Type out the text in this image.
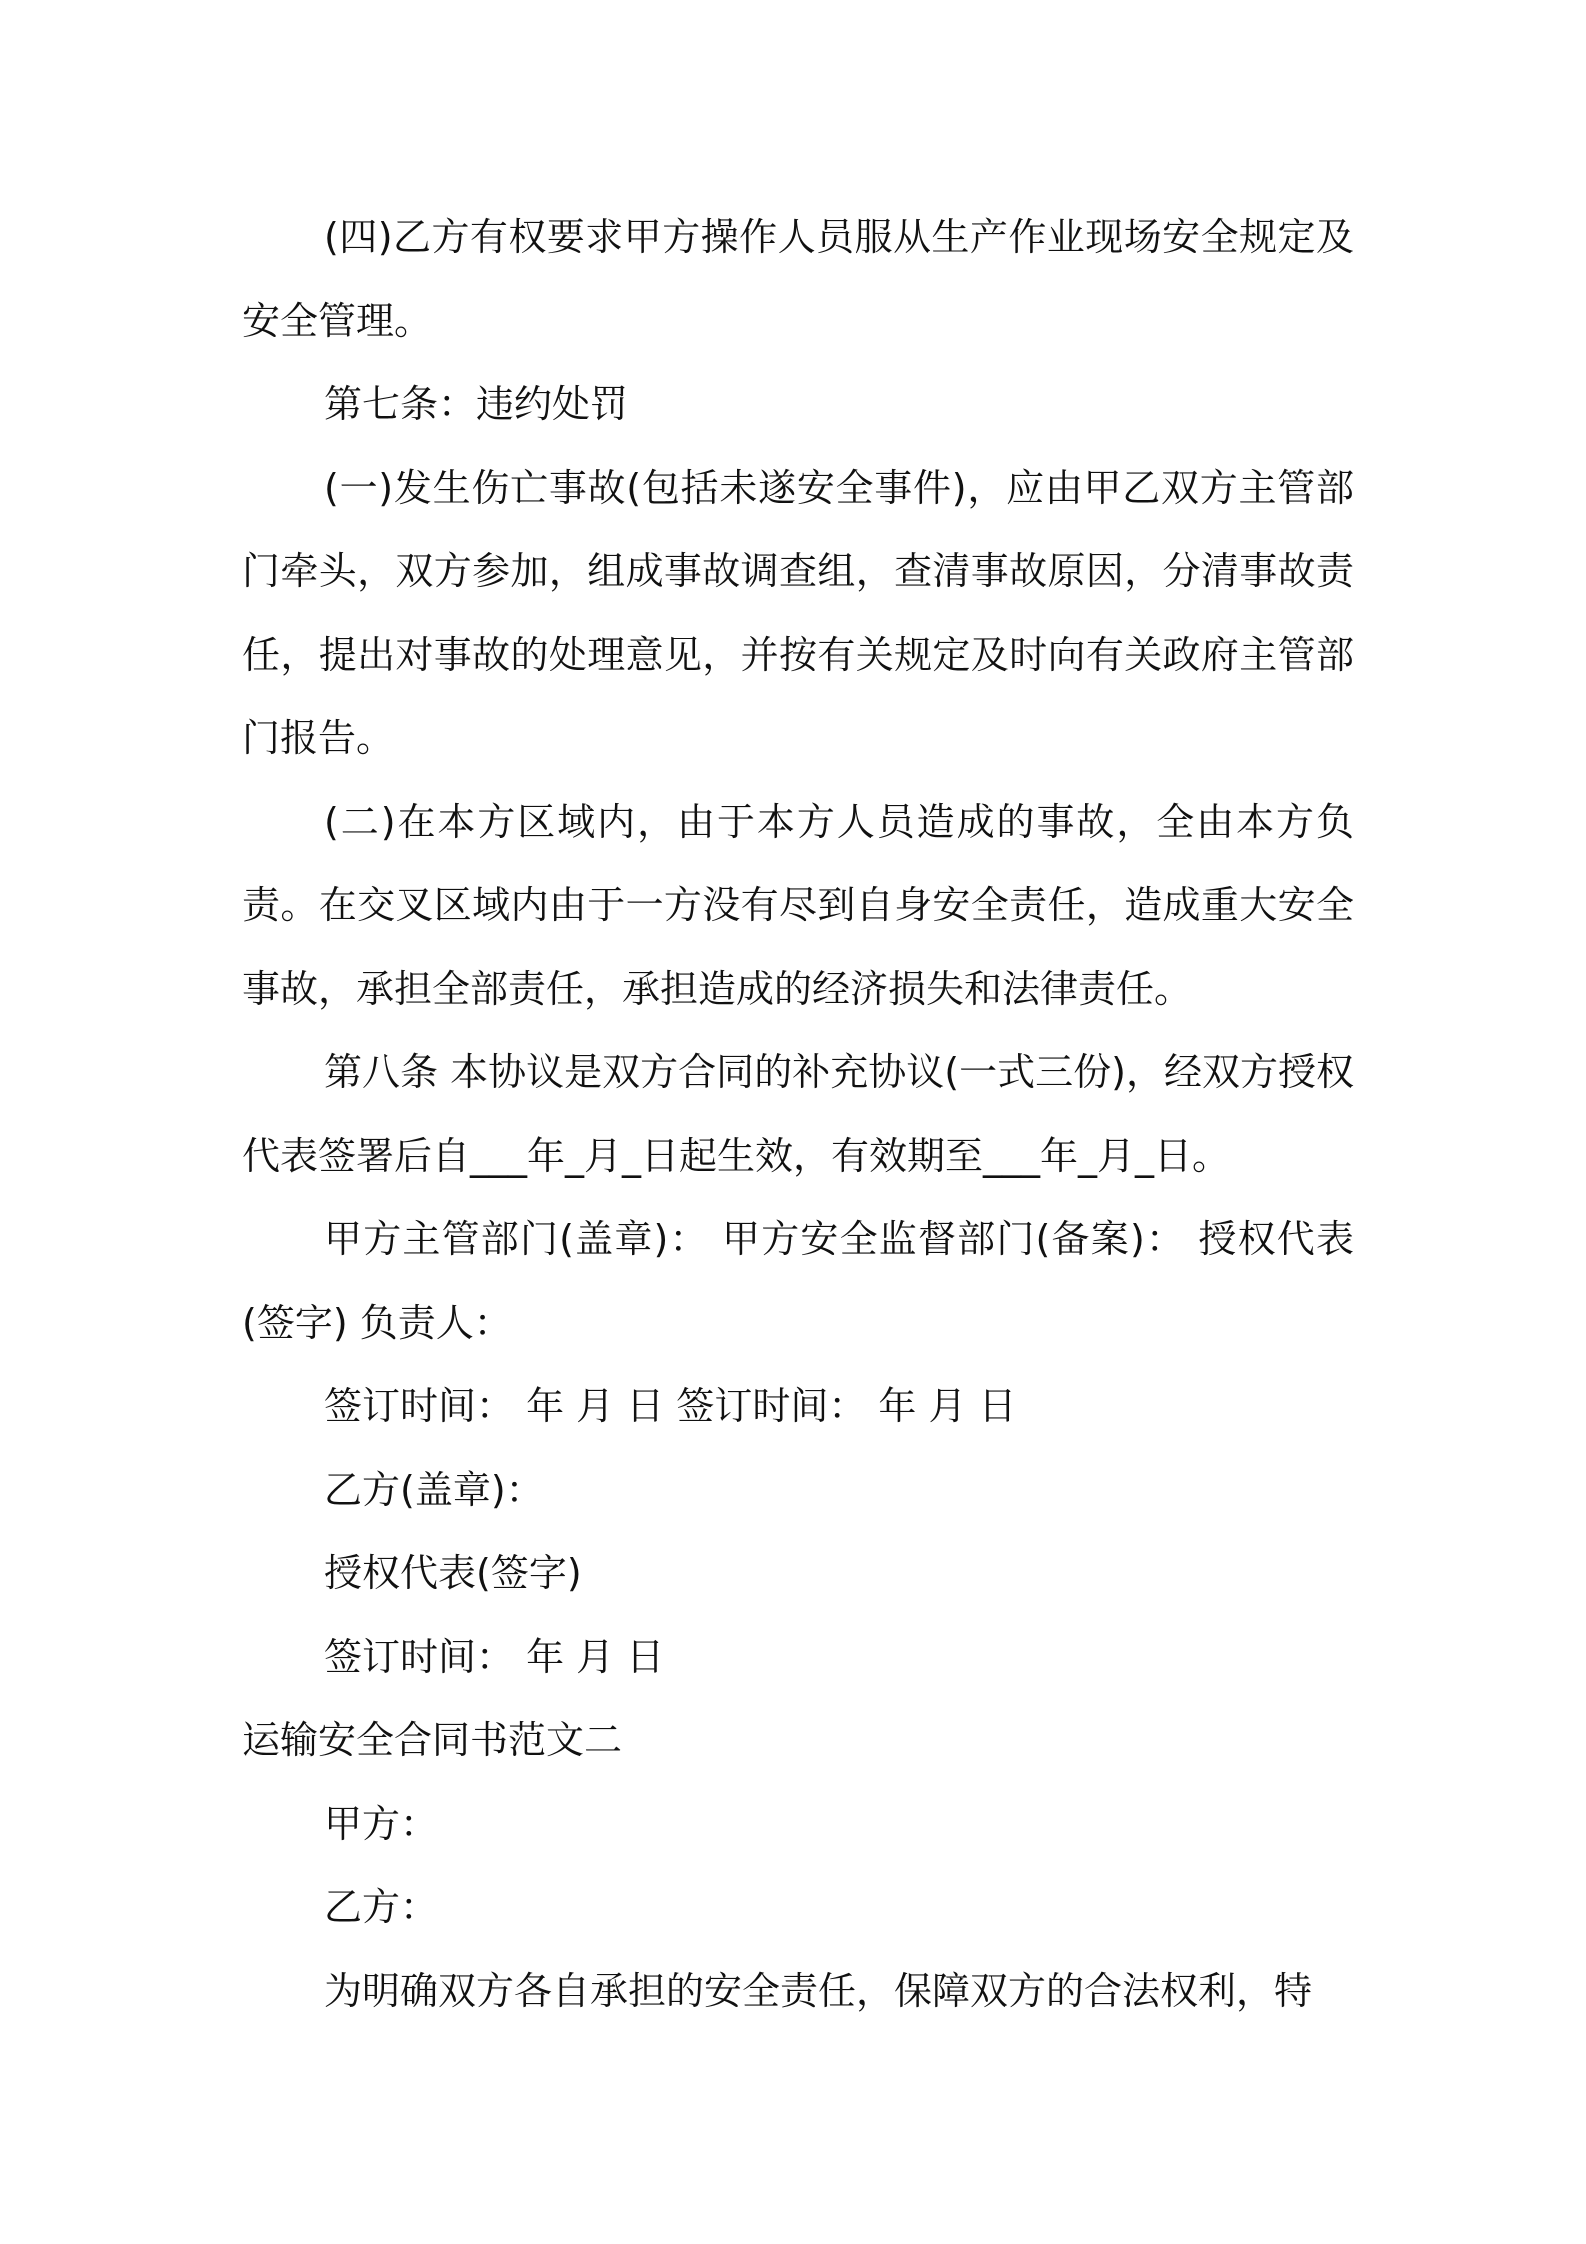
(四)乙方有权要求甲方操作人员服从生产作业现场安全规定及安全管理。

第七条：违约处罚

(一)发生伤亡事故(包括未遂安全事件)，应由甲乙双方主管部门牵头，双方参加，组成事故调查组，查清事故原因，分清事故责任，提出对事故的处理意见，并按有关规定及时向有关政府主管部门报告。

(二)在本方区域内，由于本方人员造成的事故，全由本方负责。在交叉区域内由于一方没有尽到自身安全责任，造成重大安全事故，承担全部责任，承担造成的经济损失和法律责任。

第八条 本协议是双方合同的补充协议(一式三份)，经双方授权代表签署后自___年_月_日起生效，有效期至___年_月_日。

甲方主管部门(盖章)： 甲方安全监督部门(备案)： 授权代表(签字) 负责人：

签订时间： 年 月 日 签订时间： 年 月 日

乙方(盖章)：

授权代表(签字)

签订时间： 年 月 日

运输安全合同书范文二

甲方：

乙方：

为明确双方各自承担的安全责任，保障双方的合法权利，特
